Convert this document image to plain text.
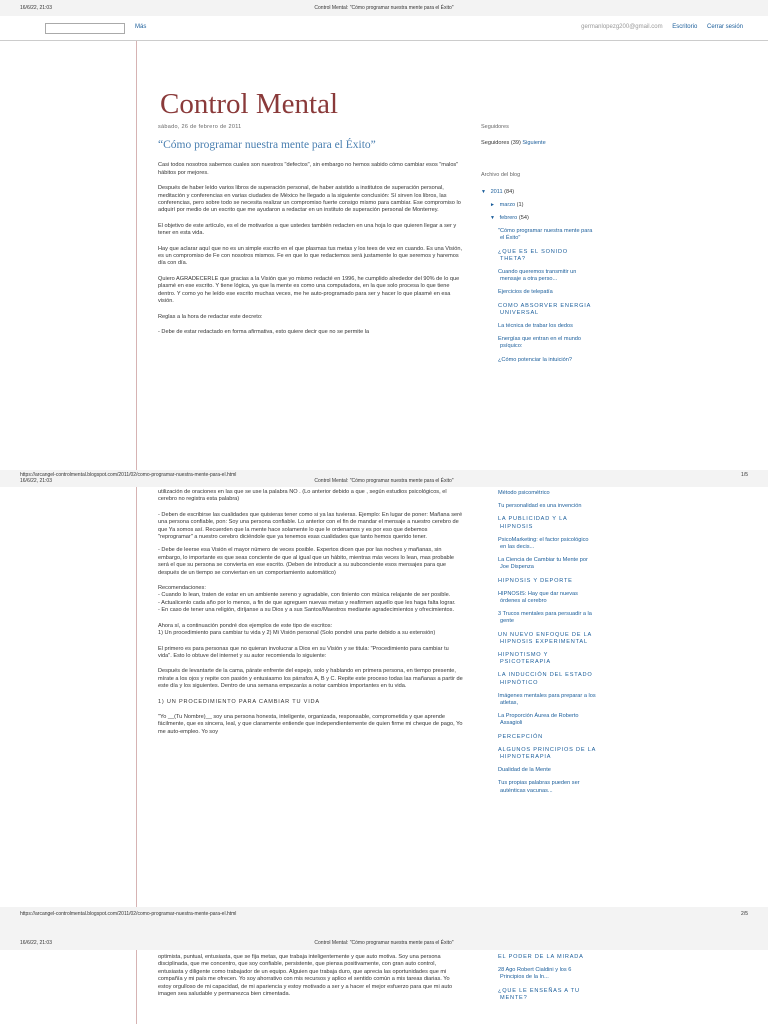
16/6/22, 21:03	Control Mental: "Cómo programar nuestra mente para el Éxito"
Más	germanlopezg200@gmail.com Escritorio Cerrar sesión
Control Mental
sábado, 26 de febrero de 2011
“Cómo programar nuestra mente para el Éxito”

Casi todos nosotros sabemos cuales son nuestros "defectos", sin embargo no hemos sabido cómo cambiar esos "malos" hábitos por mejores.

Después de haber leído varios libros de superación personal, de haber asistido a institutos de superación personal, meditación y conferencias en varias ciudades de México he llegado a la siguiente conclusión: Sí sirven los libros, las conferencias, pero sobre todo se necesita realizar un compromiso fuerte consigo mismo para cambiar. Ese compromiso lo adquirí por medio de un escrito que me ayudaron a redactar en un instituto de superación personal de Monterrey.

El objetivo de este artículo, es el de motivarlos a que ustedes también redacten en una hoja lo que quieren llegar a ser y tener en esta vida.

Hay que aclarar aquí que no es un simple escrito en el que plasmas tus metas y los tees de vez en cuando. Es una Visión, es un compromiso de Fe con nosotros mismos. Fe en que lo que redactemos será justamente lo que seremos y haremos día con día.

Quiero AGRADECERLE que gracias a la Visión que yo mismo redacté en 1996, he cumplido alrededor del 90% de lo que plasmé en ese escrito. Y tiene lógica, ya que la mente es como una computadora, en la que solo procesa lo que tiene dentro. Y como yo he leído ese escrito muchas veces, me he auto-programado para ser y hacer lo que plasmé en esa visión.

Reglas a la hora de redactar este decreto:

- Debe de estar redactado en forma afirmativa, esto quiere decir que no se permite la

Seguidores
Seguidores (39) Siguiente
Archivo del blog
▼ 2011 (84)
► marzo (1)
▼ febrero (54)
"Cómo programar nuestra mente para el Éxito"
¿QUE ES EL SONIDO THETA?
Cuando queremos transmitir un mensaje a otra perso...
Ejercicios de telepatía
COMO ABSORVER ENERGIA UNIVERSAL
La técnica de trabar los dedos
Energías que entran en el mundo psíquico:
¿Cómo potenciar la intuición?
https://arcangel-controlmental.blogspot.com/2011/02/como-programar-nuestra-mente-para-el.html	1/5
16/6/22, 21:03	Control Mental: "Cómo programar nuestra mente para el Éxito"

utilización de oraciones en las que se use la palabra NO . (Lo anterior debido a que , según estudios psicológicos, el cerebro no registra esta palabra)

- Deben de escribirse las cualidades que quisieras tener como si ya las tuvieras. Ejemplo: En lugar de poner: Mañana seré una persona confiable, pon: Soy una persona confiable. Lo anterior con el fin de mandar el mensaje a nuestro cerebro de que Ya somos así. Recuerden que la mente hace solamente lo que le ordenamos y es por eso que debemos "reprogramar" a nuestro cerebro diciéndole que ya tenemos esas cualidades que tanto hemos querido tener.

- Debe de leerse esa Visión el mayor número de veces posible. Expertos dicen que por las noches y mañanas, sin embargo, lo importante es que seas conciente de que al igual que un hábito, mientras más veces lo lean, mas probable será el que su persona se convierta en ese escrito. (Deben de introducir a su subconciente esos mensajes para que después de un tiempo se conviertan en un comportamiento automático)

Recomendaciones:
- Cuando lo lean, traten de estar en un ambiente sereno y agradable, con tiniento con música relajante de ser posible.
- Actualicenlo cada año por lo menos, a fin de que agreguen nuevas metas y reafirmen aquello que les haga falta lograr.
- En caso de tener una religión, diríjanse a su Dios y a sus Santos/Maestros mediante agradecimientos y ofrecimientos.

Ahora sí, a continuación pondré dos ejemplos de este tipo de escritos:
1) Un procedimiento para cambiar tu vida y 2) Mi Visión personal (Solo pondré una parte debido a su extensión)

El primero es para personas que no quieran involucrar a Dios en su Visión y se titula: "Procedimiento para cambiar tu vida". Esto lo obtuve del internet y su autor recomienda lo siguiente:

Después de levantarte de la cama, párate enfrente del espejo, solo y hablando en primera persona, en tiempo presente, mírate a los ojos y repite con pasión y entusiasmo los párrafos A, B y C. Repite este proceso todas las mañanas a partir de este día y los siguientes. Dentro de una semana empezarás a notar cambios importantes en tu vida.

1) UN PROCEDIMIENTO PARA CAMBIAR TU VIDA

"Yo __(Tu Nombre)__ soy una persona honesta, inteligente, organizada, responsable, comprometida y que aprende fácilmente, que es sincera, leal, y que claramente entiende que independientemente de quien firme mi cheque de pago, Yo me auto-empleo. Yo soy

Método psicométrico
Tu personalidad es una invención
LA PUBLICIDAD Y LA HIPNOSIS
PsicoMarketing: el factor psicológico en las decis...
La Ciencia de Cambiar tu Mente por Joe Dispenza
HIPNOSIS Y DEPORTE
HIPNOSIS: Hay que dar nuevas órdenes al cerebro
3 Trucos mentales para persuadir a la gente
UN NUEVO ENFOQUE DE LA HIPNOSIS EXPERIMENTAL
HIPNOTISMO Y PSICOTERAPIA
LA INDUCCIÓN DEL ESTADO HIPNÓTICO
Imágenes mentales para preparar a los atletas,
La Proporción Áurea de Roberto Assagioli
PERCEPCIÓN
ALGUNOS PRINCIPIOS DE LA HIPNOTERAPIA
Dualidad de la Mente
Tus propias palabras pueden ser auténticas vacunas...
https://arcangel-controlmental.blogspot.com/2011/02/como-programar-nuestra-mente-para-el.html	2/5
16/6/22, 21:03	Control Mental: "Cómo programar nuestra mente para el Éxito"

optimista, puntual, entusiasta, que se fija metas, que trabaja inteligentemente y que auto motiva. Soy una persona disciplinada, que me concentro, que soy confiable, persistente, que piensa positivamente, con gran auto control, entusiasta y diligente como trabajador de un equipo. Alguien que trabaja duro, que aprecia las oportunidades que mi compañía y mi país me ofrecen. Yo soy ahorrativo con mis recursos y aplico el sentido común a mis tareas diarias. Yo estoy orgulloso de mi capacidad, de mi apariencia y estoy motivado a ser y a hacer el mejor esfuerzo para que mi auto imagen sea saludable y permanezca bien cimentada.

EL PODER DE LA MIRADA
28 Ago Robert Cialdini y los 6 Principios de la In...
¿QUE LE ENSEÑAS A TU MENTE?
